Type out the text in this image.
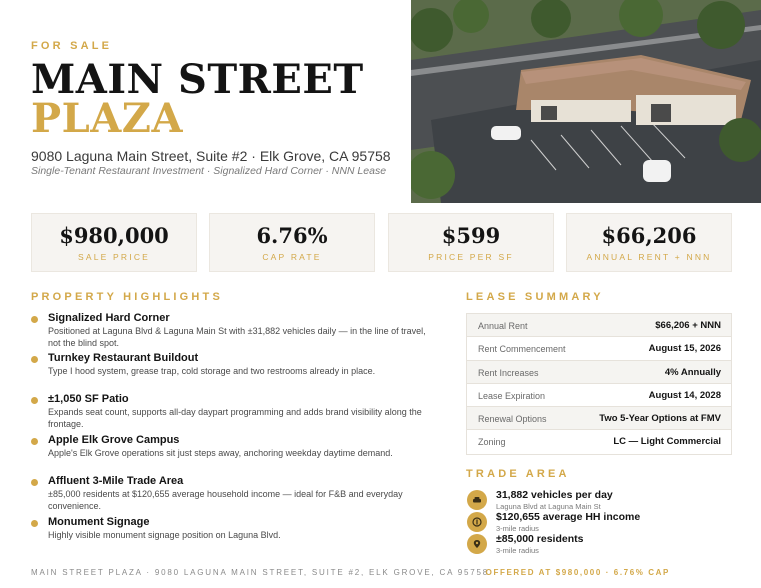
FOR SALE
MAIN STREET
PLAZA
9080 Laguna Main Street, Suite #2 · Elk Grove, CA 95758
Single-Tenant Restaurant Investment · Signalized Hard Corner · NNN Lease
$980,000
SALE PRICE
6.76%
CAP RATE
$599
PRICE PER SF
$66,206
ANNUAL RENT + NNN
PROPERTY HIGHLIGHTS
Signalized Hard Corner
Positioned at Laguna Blvd & Laguna Main St with ±31,882 vehicles daily — in the line of travel, not the blind spot.
Turnkey Restaurant Buildout
Type I hood system, grease trap, cold storage and two restrooms already in place.
±1,050 SF Patio
Expands seat count, supports all-day daypart programming and adds brand visibility along the frontage.
Apple Elk Grove Campus
Apple's Elk Grove operations sit just steps away, anchoring weekday daytime demand.
Affluent 3-Mile Trade Area
±85,000 residents at $120,655 average household income — ideal for F&B and everyday convenience.
Monument Signage
Highly visible monument signage position on Laguna Blvd.
LEASE SUMMARY
Annual Rent	$66,206 + NNN
Rent Commencement	August 15, 2026
Rent Increases	4% Annually
Lease Expiration	August 14, 2028
Renewal Options	Two 5-Year Options at FMV
Zoning	LC — Light Commercial
TRADE AREA
31,882 vehicles per day
Laguna Blvd at Laguna Main St
$120,655 average HH income
3-mile radius
±85,000 residents
3-mile radius
MAIN STREET PLAZA · 9080 LAGUNA MAIN STREET, SUITE #2, ELK GROVE, CA 95758
OFFERED AT $980,000 · 6.76% CAP
